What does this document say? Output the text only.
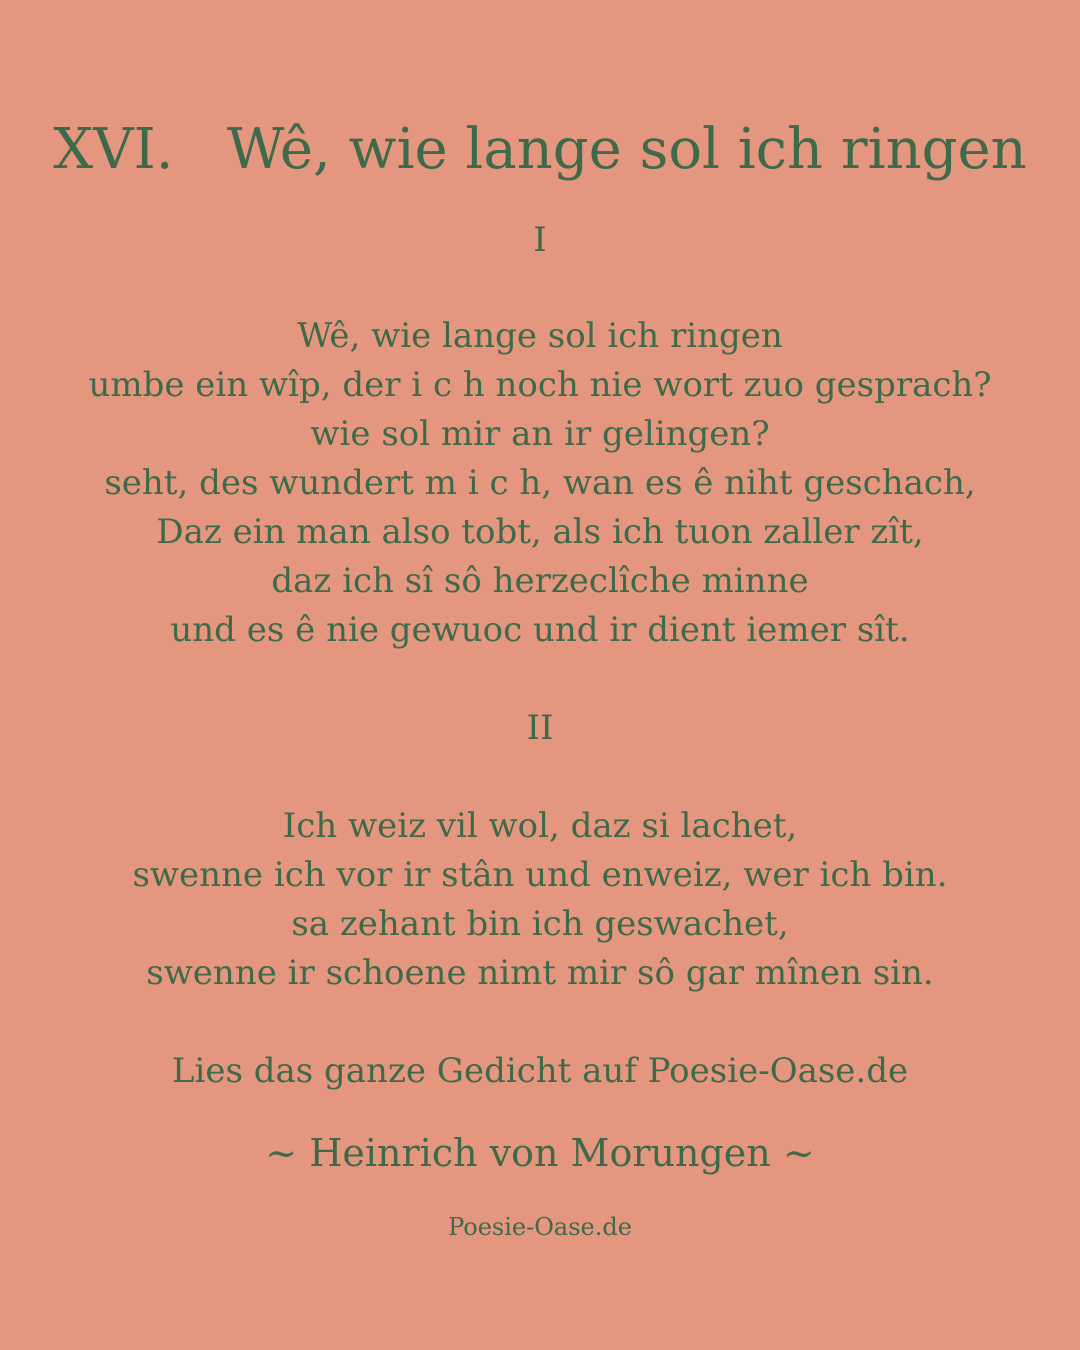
XVI.   Wê, wie lange sol ich ringen
I
Wê, wie lange sol ich ringen
umbe ein wîp, der i c h noch nie wort zuo gesprach?
wie sol mir an ir gelingen?
seht, des wundert m i c h, wan es ê niht geschach,
Daz ein man also tobt, als ich tuon zaller zît,
daz ich sî sô herzeclîche minne
und es ê nie gewuoc und ir dient iemer sît.
II
Ich weiz vil wol, daz si lachet,
swenne ich vor ir stân und enweiz, wer ich bin.
sa zehant bin ich geswachet,
swenne ir schoene nimt mir sô gar mînen sin.

Lies das ganze Gedicht auf Poesie-Oase.de

~ Heinrich von Morungen ~

Poesie-Oase.de
